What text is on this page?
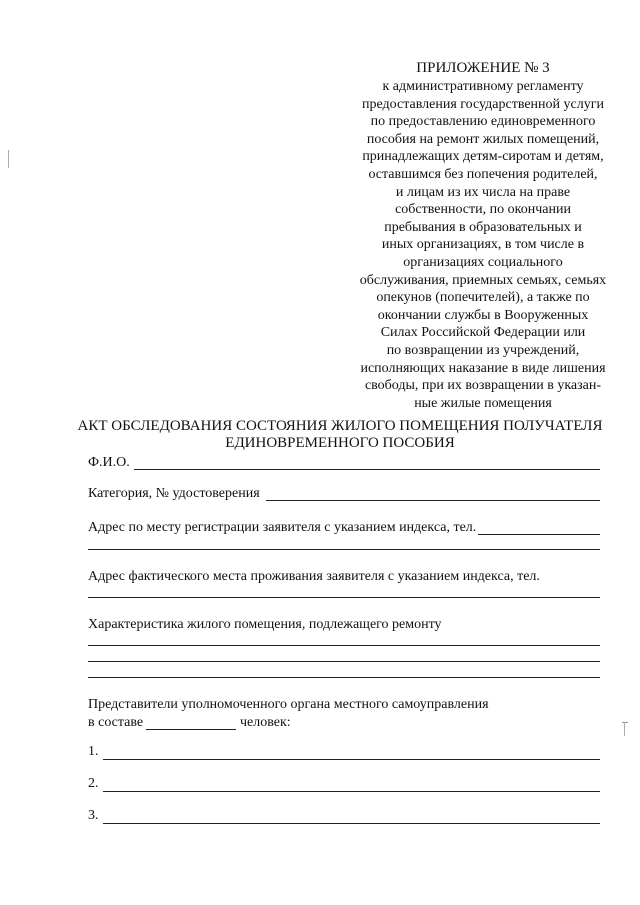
ПРИЛОЖЕНИЕ № 3
к административному регламенту
предоставления государственной услуги
по предоставлению единовременного
пособия на ремонт жилых помещений,
принадлежащих детям-сиротам и детям,
оставшимся без попечения родителей,
и лицам из их числа на праве
собственности, по окончании
пребывания в образовательных и
иных организациях, в том числе в
организациях социального
обслуживания, приемных семьях, семьях
опекунов (попечителей), а также по
окончании службы в Вооруженных
Силах Российской Федерации или
по возвращении из учреждений,
исполняющих наказание в виде лишения
свободы, при их возвращении в указан-
ные жилые помещения
АКТ ОБСЛЕДОВАНИЯ СОСТОЯНИЯ ЖИЛОГО ПОМЕЩЕНИЯ ПОЛУЧАТЕЛЯ
ЕДИНОВРЕМЕННОГО ПОСОБИЯ
Ф.И.О.
Категория, № удостоверения
Адрес по месту регистрации заявителя с указанием индекса, тел.
Адрес фактического места проживания заявителя с указанием индекса, тел.
Характеристика жилого помещения, подлежащего ремонту
Представители уполномоченного органа местного самоуправления
в составе	человек:
1.
2.
3.
